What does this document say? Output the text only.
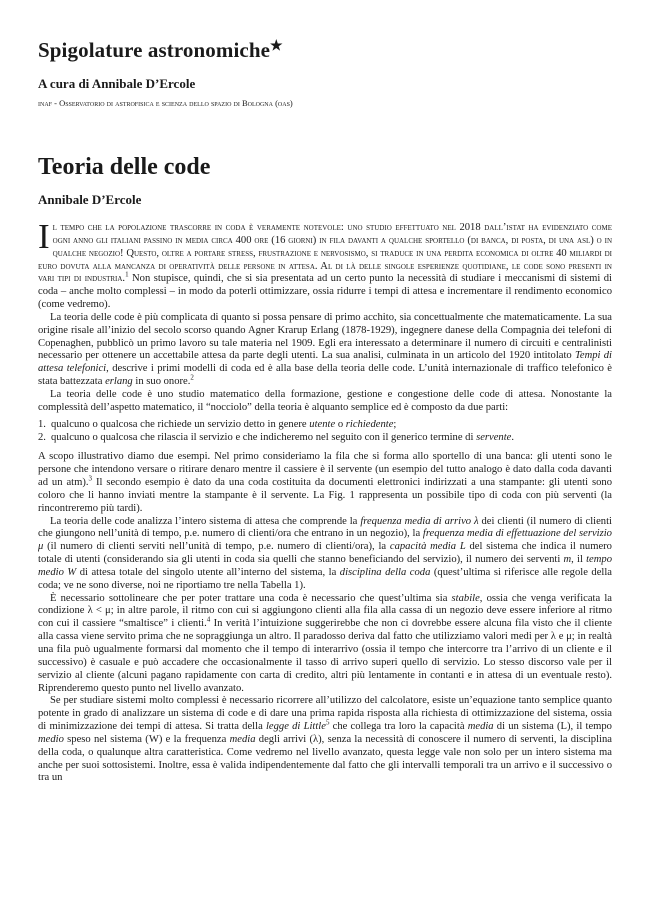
Spigolature astronomiche★
A cura di Annibale D’Ercole
inaf - Osservatorio di astrofisica e scienza dello spazio di Bologna (oas)
Teoria delle code
Annibale D’Ercole

Il tempo che la popolazione trascorre in coda è veramente notevole: uno studio effettuato nel 2018 dall’istat ha evidenziato come ogni anno gli italiani passino in media circa 400 ore (16 giorni) in fila davanti a qualche sportello (di banca, di posta, di una asl) o in qualche negozio! Questo, oltre a portare stress, frustrazione e nervosismo, si traduce in una perdita economica di oltre 40 miliardi di euro dovuta alla mancanza di operatività delle persone in attesa. Al di là delle singole esperienze quotidiane, le code sono presenti in vari tipi di industria.$^1$ Non stupisce, quindi, che si sia presentata ad un certo punto la necessità di studiare i meccanismi di sistemi di coda – anche molto complessi – in modo da poterli ottimizzare, ossia ridurre i tempi di attesa e incrementare il rendimento economico (come vedremo).

La teoria delle code è più complicata di quanto si possa pensare di primo acchito, sia concettualmente che matematicamente. La sua origine risale all’inizio del secolo scorso quando Agner Krarup Erlang (1878-1929), ingegnere danese della Compagnia dei telefoni di Copenaghen, pubblicò un primo lavoro su tale materia nel 1909. Egli era interessato a determinare il numero di circuiti e centralinisti necessario per ottenere un accettabile attesa da parte degli utenti. La sua analisi, culminata in un articolo del 1920 intitolato Tempi di attesa telefonici, descrive i primi modelli di coda ed è alla base della teoria delle code. L’unità internazionale di traffico telefonico è stata battezzata erlang in suo onore.$^2$

La teoria delle code è uno studio matematico della formazione, gestione e congestione delle code di attesa. Nonostante la complessità dell’aspetto matematico, il “nocciolo” della teoria è alquanto semplice ed è composto da due parti:

1. qualcuno o qualcosa che richiede un servizio detto in genere utente o richiedente;
2. qualcuno o qualcosa che rilascia il servizio e che indicheremo nel seguito con il generico termine di servente.

A scopo illustrativo diamo due esempi. Nel primo consideriamo la fila che si forma allo sportello di una banca: gli utenti sono le persone che intendono versare o ritirare denaro mentre il cassiere è il servente (un esempio del tutto analogo è dato dalla coda davanti ad un atm).$^3$ Il secondo esempio è dato da una coda costituita da documenti elettronici indirizzati a una stampante: gli utenti sono coloro che li hanno inviati mentre la stampante è il servente. La Fig. 1 rappresenta un possibile tipo di coda con più serventi (la rincontreremo più tardi).

La teoria delle code analizza l’intero sistema di attesa che comprende la frequenza media di arrivo λ dei clienti (il numero di clienti che giungono nell’unità di tempo, p.e. numero di clienti/ora che entrano in un negozio), la frequenza media di effettuazione del servizio μ (il numero di clienti serviti nell’unità di tempo, p.e. numero di clienti/ora), la capacità media L del sistema che indica il numero totale di utenti (considerando sia gli utenti in coda sia quelli che stanno beneficiando del servizio), il numero dei serventi m, il tempo medio W di attesa totale del singolo utente all’interno del sistema, la disciplina della coda (quest’ultima si riferisce alle regole della coda; ve ne sono diverse, noi ne riportiamo tre nella Tabella 1).

È necessario sottolineare che per poter trattare una coda è necessario che quest’ultima sia stabile, ossia che venga verificata la condizione λ < μ; in altre parole, il ritmo con cui si aggiungono clienti alla fila alla cassa di un negozio deve essere inferiore al ritmo con cui il cassiere “smaltisce” i clienti.$^4$ In verità l’intuizione suggerirebbe che non ci dovrebbe essere alcuna fila visto che il cliente alla cassa viene servito prima che ne sopraggiunga un altro. Il paradosso deriva dal fatto che utilizziamo valori medi per λ e μ; in realtà una fila può ugualmente formarsi dal momento che il tempo di interarrivo (ossia il tempo che intercorre tra l’arrivo di un cliente e il successivo) è casuale e può accadere che occasionalmente il tasso di arrivo superi quello di servizio. Lo stesso discorso vale per il servizio al cliente (alcuni pagano rapidamente con carta di credito, altri più lentamente in contanti e in attesa di un eventuale resto). Riprenderemo questo punto nel livello avanzato.

Se per studiare sistemi molto complessi è necessario ricorrere all’utilizzo del calcolatore, esiste un’equazione tanto semplice quanto potente in grado di analizzare un sistema di code e di dare una prima rapida risposta alla richiesta di ottimizzazione del sistema, ossia di minimizzazione dei tempi di attesa. Si tratta della legge di Little$^5$ che collega tra loro la capacità media di un sistema (L), il tempo medio speso nel sistema (W) e la frequenza media degli arrivi (λ), senza la necessità di conoscere il numero di serventi, la disciplina della coda, o qualunque altra caratteristica. Come vedremo nel livello avanzato, questa legge vale non solo per un intero sistema ma anche per suoi sottosistemi. Inoltre, essa è valida indipendentemente dal fatto che gli intervalli temporali tra un arrivo e il successivo o tra un
